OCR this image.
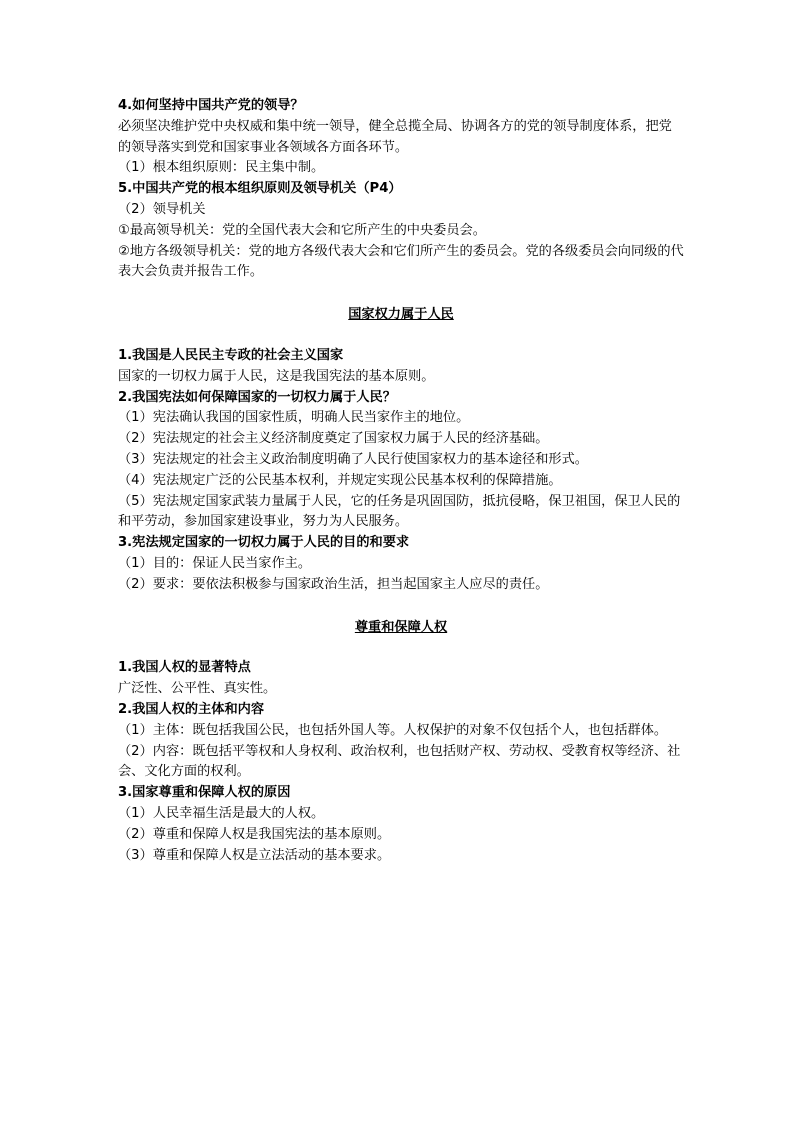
4.如何坚持中国共产党的领导？

必须坚决维护党中央权威和集中统一领导，健全总揽全局、协调各方的党的领导制度体系，把党的领导落实到党和国家事业各领域各方面各环节。

（1）根本组织原则：民主集中制。

5.中国共产党的根本组织原则及领导机关（P4）

（2）领导机关

①最高领导机关：党的全国代表大会和它所产生的中央委员会。

②地方各级领导机关：党的地方各级代表大会和它们所产生的委员会。党的各级委员会向同级的代表大会负责并报告工作。

国家权力属于人民

1.我国是人民民主专政的社会主义国家

国家的一切权力属于人民，这是我国宪法的基本原则。

2.我国宪法如何保障国家的一切权力属于人民？

（1）宪法确认我国的国家性质，明确人民当家作主的地位。

（2）宪法规定的社会主义经济制度奠定了国家权力属于人民的经济基础。

（3）宪法规定的社会主义政治制度明确了人民行使国家权力的基本途径和形式。

（4）宪法规定广泛的公民基本权利，并规定实现公民基本权利的保障措施。

（5）宪法规定国家武装力量属于人民，它的任务是巩固国防，抵抗侵略，保卫祖国，保卫人民的和平劳动，参加国家建设事业，努力为人民服务。

3.宪法规定国家的一切权力属于人民的目的和要求

（1）目的：保证人民当家作主。

（2）要求：要依法积极参与国家政治生活，担当起国家主人应尽的责任。

尊重和保障人权

1.我国人权的显著特点

广泛性、公平性、真实性。

2.我国人权的主体和内容

（1）主体：既包括我国公民，也包括外国人等。人权保护的对象不仅包括个人，也包括群体。

（2）内容：既包括平等权和人身权利、政治权利，也包括财产权、劳动权、受教育权等经济、社会、文化方面的权利。

3.国家尊重和保障人权的原因

（1）人民幸福生活是最大的人权。

（2）尊重和保障人权是我国宪法的基本原则。

（3）尊重和保障人权是立法活动的基本要求。
